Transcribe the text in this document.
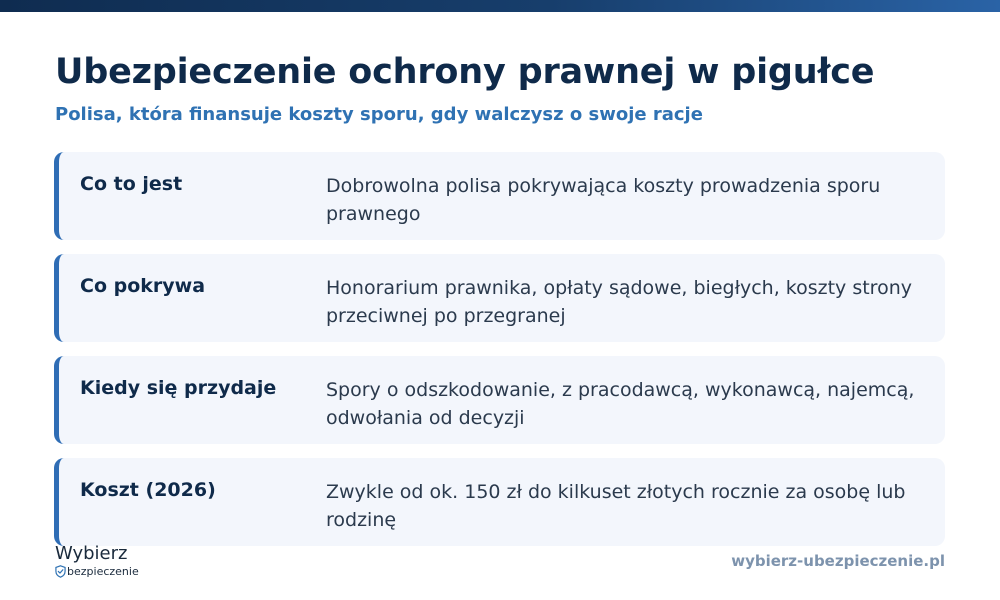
Ubezpieczenie ochrony prawnej w pigułce

Polisa, która finansuje koszty sporu, gdy walczysz o swoje racje

Co to jest	Dobrowolna polisa pokrywająca koszty prowadzenia sporu prawnego
Co pokrywa	Honorarium prawnika, opłaty sądowe, biegłych, koszty strony przeciwnej po przegranej
Kiedy się przydaje	Spory o odszkodowanie, z pracodawcą, wykonawcą, najemcą, odwołania od decyzji
Koszt (2026)	Zwykle od ok. 150 zł do kilkuset złotych rocznie za osobę lub rodzinę
Wybierz
bezpieczenie
wybierz-ubezpieczenie.pl
